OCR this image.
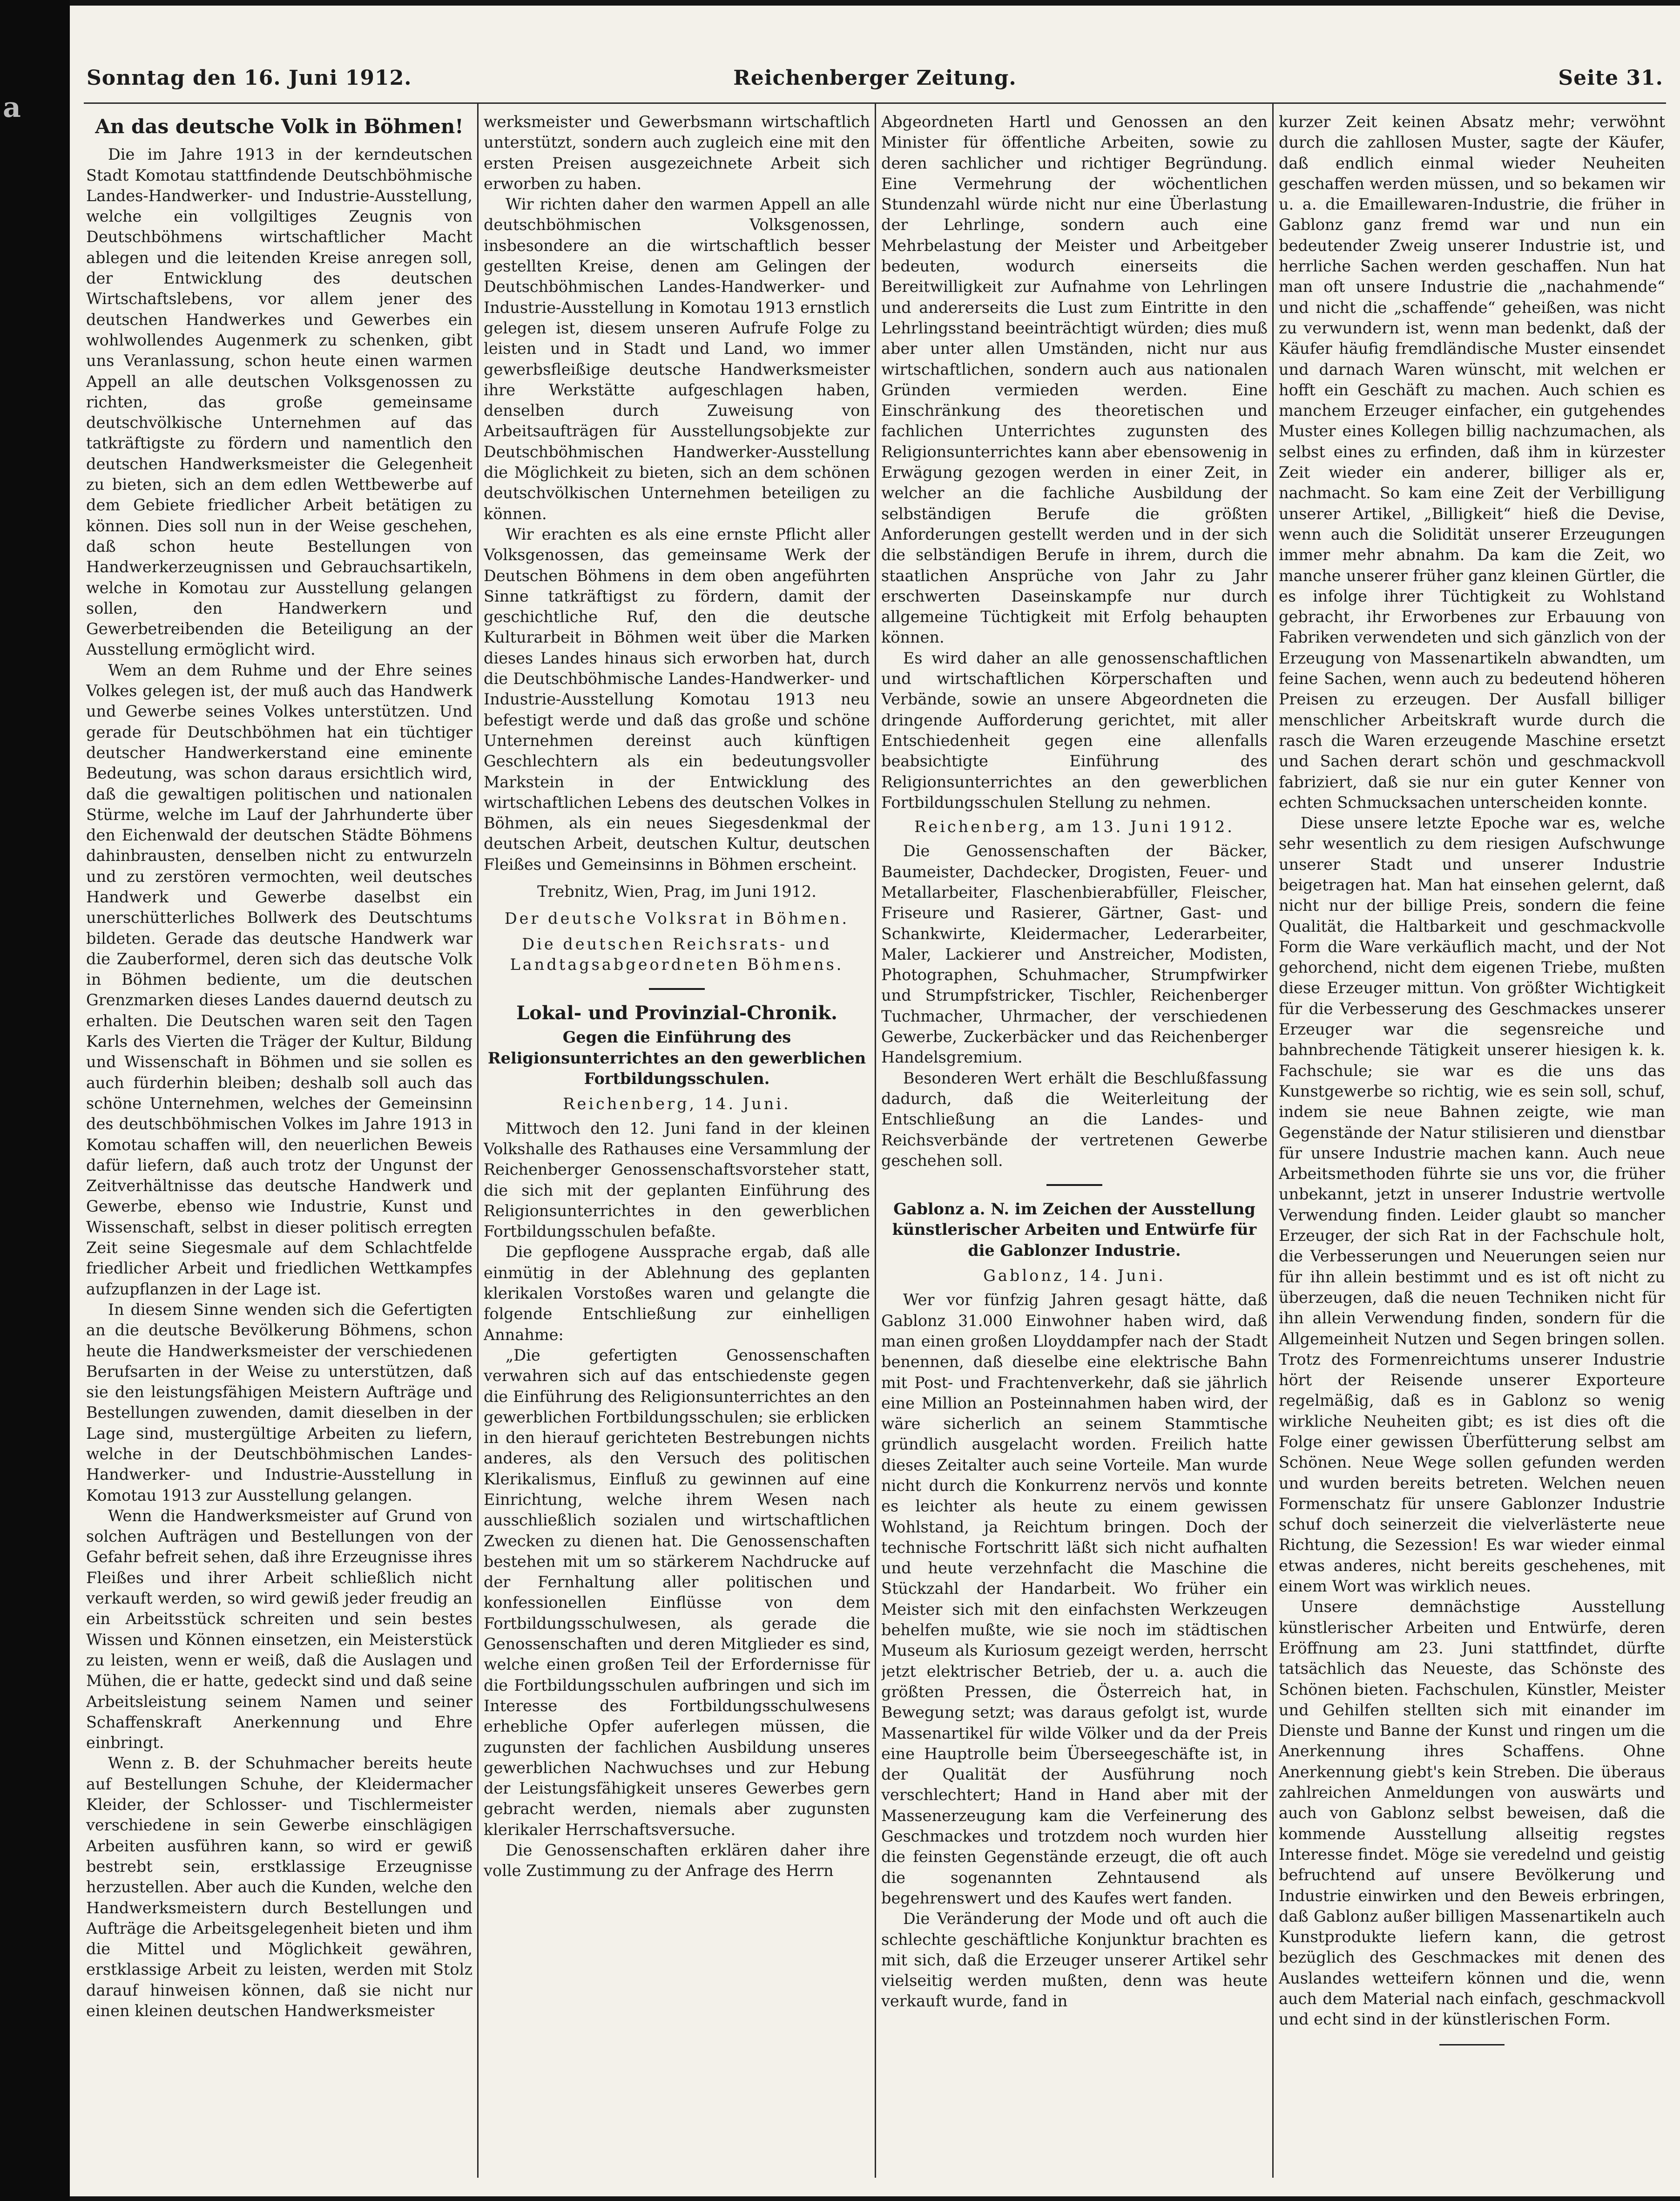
a
Sonntag den 16. Juni 1912.	Reichenberger Zeitung.	Seite 31.
An das deutsche Volk in Böhmen!

Die im Jahre 1913 in der kerndeutschen Stadt Komotau stattfindende Deutschböhmische Landes-Handwerker- und Industrie-Ausstellung, welche ein vollgiltiges Zeugnis von Deutschböhmens wirtschaftlicher Macht ablegen und die leitenden Kreise anregen soll, der Entwicklung des deutschen Wirtschaftslebens, vor allem jener des deutschen Handwerkes und Gewerbes ein wohlwollendes Augenmerk zu schenken, gibt uns Veranlassung, schon heute einen warmen Appell an alle deutschen Volksgenossen zu richten, das große gemeinsame deutschvölkische Unternehmen auf das tatkräftigste zu fördern und namentlich den deutschen Handwerksmeister die Gelegenheit zu bieten, sich an dem edlen Wettbewerbe auf dem Gebiete friedlicher Arbeit betätigen zu können. Dies soll nun in der Weise geschehen, daß schon heute Bestellungen von Handwerkerzeugnissen und Gebrauchsartikeln, welche in Komotau zur Ausstellung gelangen sollen, den Handwerkern und Gewerbetreibenden die Beteiligung an der Ausstellung ermöglicht wird.

Wem an dem Ruhme und der Ehre seines Volkes gelegen ist, der muß auch das Handwerk und Gewerbe seines Volkes unterstützen. Und gerade für Deutschböhmen hat ein tüchtiger deutscher Handwerkerstand eine eminente Bedeutung, was schon daraus ersichtlich wird, daß die gewaltigen politischen und nationalen Stürme, welche im Lauf der Jahrhunderte über den Eichenwald der deutschen Städte Böhmens dahinbrausten, denselben nicht zu entwurzeln und zu zerstören vermochten, weil deutsches Handwerk und Gewerbe daselbst ein unerschütterliches Bollwerk des Deutschtums bildeten. Gerade das deutsche Handwerk war die Zauberformel, deren sich das deutsche Volk in Böhmen bediente, um die deutschen Grenzmarken dieses Landes dauernd deutsch zu erhalten. Die Deutschen waren seit den Tagen Karls des Vierten die Träger der Kultur, Bildung und Wissenschaft in Böhmen und sie sollen es auch fürderhin bleiben; deshalb soll auch das schöne Unternehmen, welches der Gemeinsinn des deutschböhmischen Volkes im Jahre 1913 in Komotau schaffen will, den neuerlichen Beweis dafür liefern, daß auch trotz der Ungunst der Zeitverhältnisse das deutsche Handwerk und Gewerbe, ebenso wie Industrie, Kunst und Wissenschaft, selbst in dieser politisch erregten Zeit seine Siegesmale auf dem Schlachtfelde friedlicher Arbeit und friedlichen Wettkampfes aufzupflanzen in der Lage ist.

In diesem Sinne wenden sich die Gefertigten an die deutsche Bevölkerung Böhmens, schon heute die Handwerksmeister der verschiedenen Berufsarten in der Weise zu unterstützen, daß sie den leistungsfähigen Meistern Aufträge und Bestellungen zuwenden, damit dieselben in der Lage sind, mustergültige Arbeiten zu liefern, welche in der Deutschböhmischen Landes-Handwerker- und Industrie-Ausstellung in Komotau 1913 zur Ausstellung gelangen.

Wenn die Handwerksmeister auf Grund von solchen Aufträgen und Bestellungen von der Gefahr befreit sehen, daß ihre Erzeugnisse ihres Fleißes und ihrer Arbeit schließlich nicht verkauft werden, so wird gewiß jeder freudig an ein Arbeitsstück schreiten und sein bestes Wissen und Können einsetzen, ein Meisterstück zu leisten, wenn er weiß, daß die Auslagen und Mühen, die er hatte, gedeckt sind und daß seine Arbeitsleistung seinem Namen und seiner Schaffenskraft Anerkennung und Ehre einbringt.

Wenn z. B. der Schuhmacher bereits heute auf Bestellungen Schuhe, der Kleidermacher Kleider, der Schlosser- und Tischlermeister verschiedene in sein Gewerbe einschlägigen Arbeiten ausführen kann, so wird er gewiß bestrebt sein, erstklassige Erzeugnisse herzustellen. Aber auch die Kunden, welche den Handwerksmeistern durch Bestellungen und Aufträge die Arbeitsgelegenheit bieten und ihm die Mittel und Möglichkeit gewähren, erstklassige Arbeit zu leisten, werden mit Stolz darauf hinweisen können, daß sie nicht nur einen kleinen deutschen Handwerksmeister

werksmeister und Gewerbsmann wirtschaftlich unterstützt, sondern auch zugleich eine mit den ersten Preisen ausgezeichnete Arbeit sich erworben zu haben.

Wir richten daher den warmen Appell an alle deutschböhmischen Volksgenossen, insbesondere an die wirtschaftlich besser gestellten Kreise, denen am Gelingen der Deutschböhmischen Landes-Handwerker- und Industrie-Ausstellung in Komotau 1913 ernstlich gelegen ist, diesem unseren Aufrufe Folge zu leisten und in Stadt und Land, wo immer gewerbsfleißige deutsche Handwerksmeister ihre Werkstätte aufgeschlagen haben, denselben durch Zuweisung von Arbeitsaufträgen für Ausstellungsobjekte zur Deutschböhmischen Handwerker-Ausstellung die Möglichkeit zu bieten, sich an dem schönen deutschvölkischen Unternehmen beteiligen zu können.

Wir erachten es als eine ernste Pflicht aller Volksgenossen, das gemeinsame Werk der Deutschen Böhmens in dem oben angeführten Sinne tatkräftigst zu fördern, damit der geschichtliche Ruf, den die deutsche Kulturarbeit in Böhmen weit über die Marken dieses Landes hinaus sich erworben hat, durch die Deutschböhmische Landes-Handwerker- und Industrie-Ausstellung Komotau 1913 neu befestigt werde und daß das große und schöne Unternehmen dereinst auch künftigen Geschlechtern als ein bedeutungsvoller Markstein in der Entwicklung des wirtschaftlichen Lebens des deutschen Volkes in Böhmen, als ein neues Siegesdenkmal der deutschen Arbeit, deutschen Kultur, deutschen Fleißes und Gemeinsinns in Böhmen erscheint.

Trebnitz, Wien, Prag, im Juni 1912.
Der deutsche Volksrat in Böhmen.
Die deutschen Reichsrats- und Landtagsabgeordneten Böhmens.
Lokal- und Provinzial-Chronik.
Gegen die Einführung des Religionsunterrichtes an den gewerblichen Fortbildungsschulen.
Reichenberg, 14. Juni.

Mittwoch den 12. Juni fand in der kleinen Volkshalle des Rathauses eine Versammlung der Reichenberger Genossenschaftsvorsteher statt, die sich mit der geplanten Einführung des Religionsunterrichtes in den gewerblichen Fortbildungsschulen befaßte.

Die gepflogene Aussprache ergab, daß alle einmütig in der Ablehnung des geplanten klerikalen Vorstoßes waren und gelangte die folgende Entschließung zur einhelligen Annahme:

„Die gefertigten Genossenschaften verwahren sich auf das entschiedenste gegen die Einführung des Religionsunterrichtes an den gewerblichen Fortbildungsschulen; sie erblicken in den hierauf gerichteten Bestrebungen nichts anderes, als den Versuch des politischen Klerikalismus, Einfluß zu gewinnen auf eine Einrichtung, welche ihrem Wesen nach ausschließlich sozialen und wirtschaftlichen Zwecken zu dienen hat. Die Genossenschaften bestehen mit um so stärkerem Nachdrucke auf der Fernhaltung aller politischen und konfessionellen Einflüsse von dem Fortbildungsschulwesen, als gerade die Genossenschaften und deren Mitglieder es sind, welche einen großen Teil der Erfordernisse für die Fortbildungsschulen aufbringen und sich im Interesse des Fortbildungsschulwesens erhebliche Opfer auferlegen müssen, die zugunsten der fachlichen Ausbildung unseres gewerblichen Nachwuchses und zur Hebung der Leistungsfähigkeit unseres Gewerbes gern gebracht werden, niemals aber zugunsten klerikaler Herrschaftsversuche.

Die Genossenschaften erklären daher ihre volle Zustimmung zu der Anfrage des Herrn

Abgeordneten Hartl und Genossen an den Minister für öffentliche Arbeiten, sowie zu deren sachlicher und richtiger Begründung. Eine Vermehrung der wöchentlichen Stundenzahl würde nicht nur eine Überlastung der Lehrlinge, sondern auch eine Mehrbelastung der Meister und Arbeitgeber bedeuten, wodurch einerseits die Bereitwilligkeit zur Aufnahme von Lehrlingen und andererseits die Lust zum Eintritte in den Lehrlingsstand beeinträchtigt würden; dies muß aber unter allen Umständen, nicht nur aus wirtschaftlichen, sondern auch aus nationalen Gründen vermieden werden. Eine Einschränkung des theoretischen und fachlichen Unterrichtes zugunsten des Religionsunterrichtes kann aber ebensowenig in Erwägung gezogen werden in einer Zeit, in welcher an die fachliche Ausbildung der selbständigen Berufe die größten Anforderungen gestellt werden und in der sich die selbständigen Berufe in ihrem, durch die staatlichen Ansprüche von Jahr zu Jahr erschwerten Daseinskampfe nur durch allgemeine Tüchtigkeit mit Erfolg behaupten können.

Es wird daher an alle genossenschaftlichen und wirtschaftlichen Körperschaften und Verbände, sowie an unsere Abgeordneten die dringende Aufforderung gerichtet, mit aller Entschiedenheit gegen eine allenfalls beabsichtigte Einführung des Religionsunterrichtes an den gewerblichen Fortbildungsschulen Stellung zu nehmen.

Reichenberg, am 13. Juni 1912.

Die Genossenschaften der Bäcker, Baumeister, Dachdecker, Drogisten, Feuer- und Metallarbeiter, Flaschenbierabfüller, Fleischer, Friseure und Rasierer, Gärtner, Gast- und Schankwirte, Kleidermacher, Lederarbeiter, Maler, Lackierer und Anstreicher, Modisten, Photographen, Schuhmacher, Strumpfwirker und Strumpfstricker, Tischler, Reichenberger Tuchmacher, Uhrmacher, der verschiedenen Gewerbe, Zuckerbäcker und das Reichenberger Handelsgremium.

Besonderen Wert erhält die Beschlußfassung dadurch, daß die Weiterleitung der Entschließung an die Landes- und Reichsverbände der vertretenen Gewerbe geschehen soll.

Gablonz a. N. im Zeichen der Ausstellung künstlerischer Arbeiten und Entwürfe für die Gablonzer Industrie.
Gablonz, 14. Juni.

Wer vor fünfzig Jahren gesagt hätte, daß Gablonz 31.000 Einwohner haben wird, daß man einen großen Lloyddampfer nach der Stadt benennen, daß dieselbe eine elektrische Bahn mit Post- und Frachtenverkehr, daß sie jährlich eine Million an Posteinnahmen haben wird, der wäre sicherlich an seinem Stammtische gründlich ausgelacht worden. Freilich hatte dieses Zeitalter auch seine Vorteile. Man wurde nicht durch die Konkurrenz nervös und konnte es leichter als heute zu einem gewissen Wohlstand, ja Reichtum bringen. Doch der technische Fortschritt läßt sich nicht aufhalten und heute verzehnfacht die Maschine die Stückzahl der Handarbeit. Wo früher ein Meister sich mit den einfachsten Werkzeugen behelfen mußte, wie sie noch im städtischen Museum als Kuriosum gezeigt werden, herrscht jetzt elektrischer Betrieb, der u. a. auch die größten Pressen, die Österreich hat, in Bewegung setzt; was daraus gefolgt ist, wurde Massenartikel für wilde Völker und da der Preis eine Hauptrolle beim Überseegeschäfte ist, in der Qualität der Ausführung noch verschlechtert; Hand in Hand aber mit der Massenerzeugung kam die Verfeinerung des Geschmackes und trotzdem noch wurden hier die feinsten Gegenstände erzeugt, die oft auch die sogenannten Zehntausend als begehrenswert und des Kaufes wert fanden.

Die Veränderung der Mode und oft auch die schlechte geschäftliche Konjunktur brachten es mit sich, daß die Erzeuger unserer Artikel sehr vielseitig werden mußten, denn was heute verkauft wurde, fand in

kurzer Zeit keinen Absatz mehr; verwöhnt durch die zahllosen Muster, sagte der Käufer, daß endlich einmal wieder Neuheiten geschaffen werden müssen, und so bekamen wir u. a. die Emaillewaren-Industrie, die früher in Gablonz ganz fremd war und nun ein bedeutender Zweig unserer Industrie ist, und herrliche Sachen werden geschaffen. Nun hat man oft unsere Industrie die „nachahmende“ und nicht die „schaffende“ geheißen, was nicht zu verwundern ist, wenn man bedenkt, daß der Käufer häufig fremdländische Muster einsendet und darnach Waren wünscht, mit welchen er hofft ein Geschäft zu machen. Auch schien es manchem Erzeuger einfacher, ein gutgehendes Muster eines Kollegen billig nachzumachen, als selbst eines zu erfinden, daß ihm in kürzester Zeit wieder ein anderer, billiger als er, nachmacht. So kam eine Zeit der Verbilligung unserer Artikel, „Billigkeit“ hieß die Devise, wenn auch die Solidität unserer Erzeugungen immer mehr abnahm. Da kam die Zeit, wo manche unserer früher ganz kleinen Gürtler, die es infolge ihrer Tüchtigkeit zu Wohlstand gebracht, ihr Erworbenes zur Erbauung von Fabriken verwendeten und sich gänzlich von der Erzeugung von Massenartikeln abwandten, um feine Sachen, wenn auch zu bedeutend höheren Preisen zu erzeugen. Der Ausfall billiger menschlicher Arbeitskraft wurde durch die rasch die Waren erzeugende Maschine ersetzt und Sachen derart schön und geschmackvoll fabriziert, daß sie nur ein guter Kenner von echten Schmucksachen unterscheiden konnte.

Diese unsere letzte Epoche war es, welche sehr wesentlich zu dem riesigen Aufschwunge unserer Stadt und unserer Industrie beigetragen hat. Man hat einsehen gelernt, daß nicht nur der billige Preis, sondern die feine Qualität, die Haltbarkeit und geschmackvolle Form die Ware verkäuflich macht, und der Not gehorchend, nicht dem eigenen Triebe, mußten diese Erzeuger mittun. Von größter Wichtigkeit für die Verbesserung des Geschmackes unserer Erzeuger war die segensreiche und bahnbrechende Tätigkeit unserer hiesigen k. k. Fachschule; sie war es die uns das Kunstgewerbe so richtig, wie es sein soll, schuf, indem sie neue Bahnen zeigte, wie man Gegenstände der Natur stilisieren und dienstbar für unsere Industrie machen kann. Auch neue Arbeitsmethoden führte sie uns vor, die früher unbekannt, jetzt in unserer Industrie wertvolle Verwendung finden. Leider glaubt so mancher Erzeuger, der sich Rat in der Fachschule holt, die Verbesserungen und Neuerungen seien nur für ihn allein bestimmt und es ist oft nicht zu überzeugen, daß die neuen Techniken nicht für ihn allein Verwendung finden, sondern für die Allgemeinheit Nutzen und Segen bringen sollen. Trotz des Formenreichtums unserer Industrie hört der Reisende unserer Exporteure regelmäßig, daß es in Gablonz so wenig wirkliche Neuheiten gibt; es ist dies oft die Folge einer gewissen Überfütterung selbst am Schönen. Neue Wege sollen gefunden werden und wurden bereits betreten. Welchen neuen Formenschatz für unsere Gablonzer Industrie schuf doch seinerzeit die vielverlästerte neue Richtung, die Sezession! Es war wieder einmal etwas anderes, nicht bereits geschehenes, mit einem Wort was wirklich neues.

Unsere demnächstige Ausstellung künstlerischer Arbeiten und Entwürfe, deren Eröffnung am 23. Juni stattfindet, dürfte tatsächlich das Neueste, das Schönste des Schönen bieten. Fachschulen, Künstler, Meister und Gehilfen stellten sich mit einander im Dienste und Banne der Kunst und ringen um die Anerkennung ihres Schaffens. Ohne Anerkennung giebt's kein Streben. Die überaus zahlreichen Anmeldungen von auswärts und auch von Gablonz selbst beweisen, daß die kommende Ausstellung allseitig regstes Interesse findet. Möge sie veredelnd und geistig befruchtend auf unsere Bevölkerung und Industrie einwirken und den Beweis erbringen, daß Gablonz außer billigen Massenartikeln auch Kunstprodukte liefern kann, die getrost bezüglich des Geschmackes mit denen des Auslandes wetteifern können und die, wenn auch dem Material nach einfach, geschmackvoll und echt sind in der künstlerischen Form.
